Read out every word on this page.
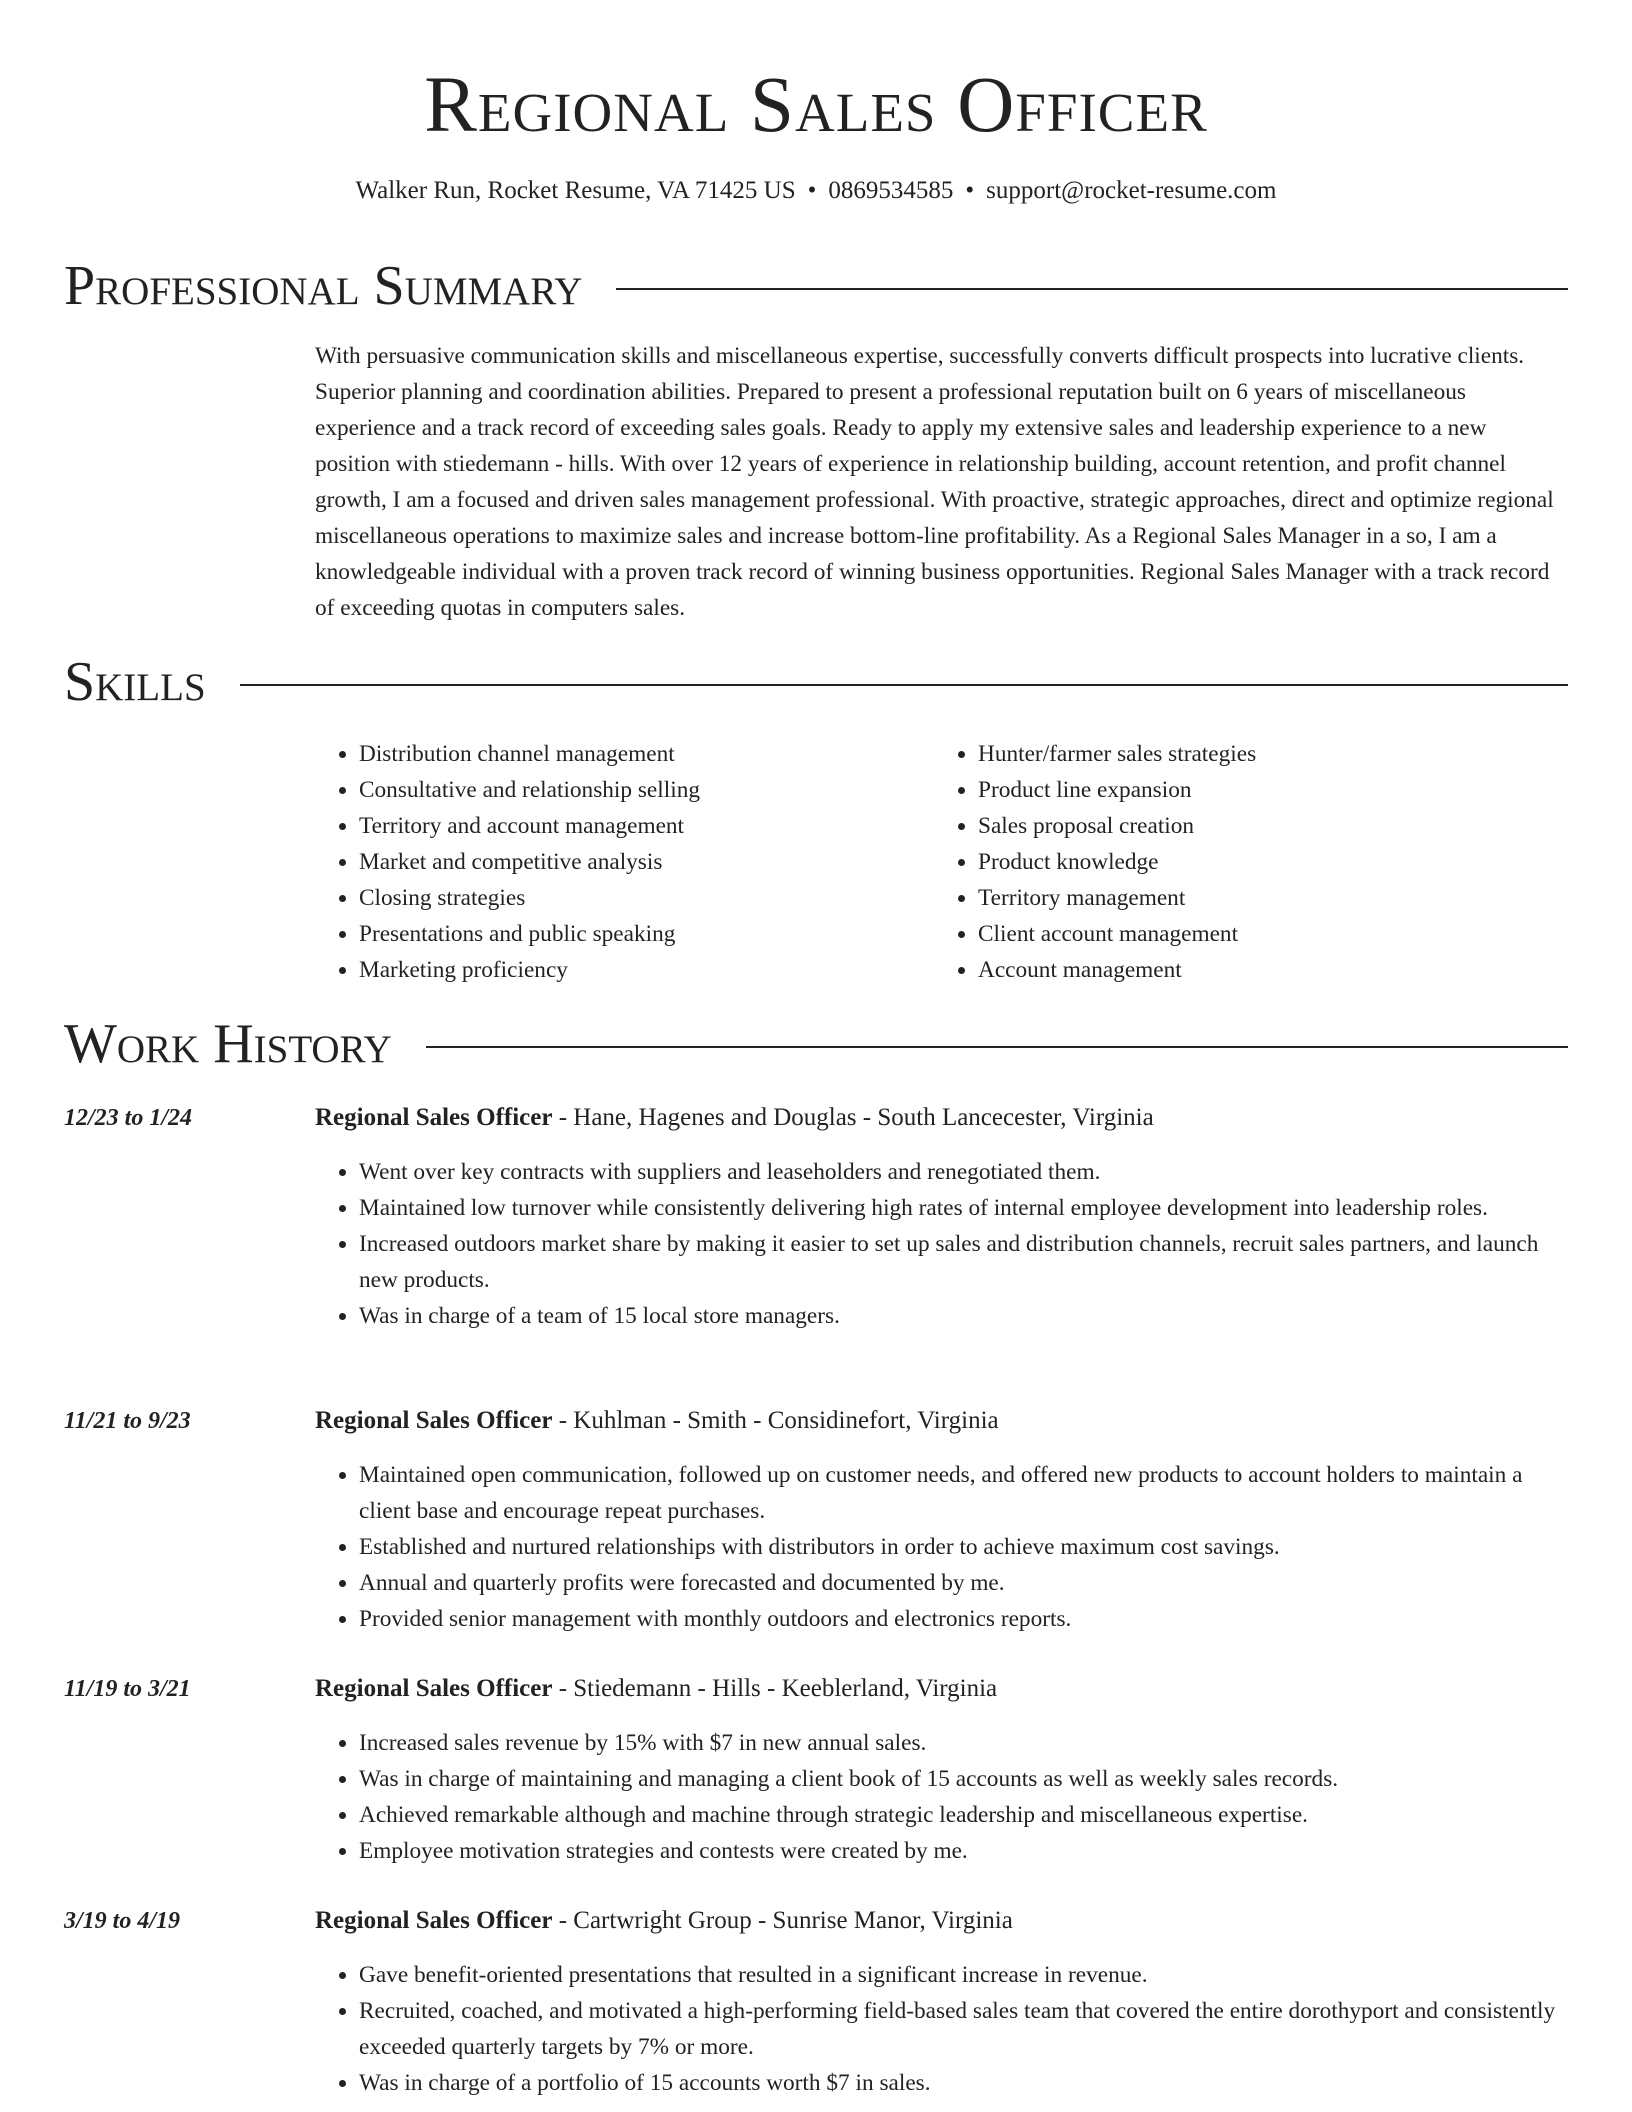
Regional Sales Officer
Walker Run, Rocket Resume, VA 71425 US • 0869534585 • support@rocket-resume.com
Professional Summary

With persuasive communication skills and miscellaneous expertise, successfully converts difficult prospects into lucrative clients. Superior planning and coordination abilities. Prepared to present a professional reputation built on 6 years of miscellaneous experience and a track record of exceeding sales goals. Ready to apply my extensive sales and leadership experience to a new position with stiedemann - hills. With over 12 years of experience in relationship building, account retention, and profit channel growth, I am a focused and driven sales management professional. With proactive, strategic approaches, direct and optimize regional miscellaneous operations to maximize sales and increase bottom-line profitability. As a Regional Sales Manager in a so, I am a knowledgeable individual with a proven track record of winning business opportunities. Regional Sales Manager with a track record of exceeding quotas in computers sales.

Skills
• Distribution channel management
• Consultative and relationship selling
• Territory and account management
• Market and competitive analysis
• Closing strategies
• Presentations and public speaking
• Marketing proficiency
• Hunter/farmer sales strategies
• Product line expansion
• Sales proposal creation
• Product knowledge
• Territory management
• Client account management
• Account management
Work History
12/23 to 1/24	Regional Sales Officer - Hane, Hagenes and Douglas - South Lancecester, Virginia
• Went over key contracts with suppliers and leaseholders and renegotiated them.
• Maintained low turnover while consistently delivering high rates of internal employee development into leadership roles.
• Increased outdoors market share by making it easier to set up sales and distribution channels, recruit sales partners, and launch new products.
• Was in charge of a team of 15 local store managers.
11/21 to 9/23	Regional Sales Officer - Kuhlman - Smith - Considinefort, Virginia
• Maintained open communication, followed up on customer needs, and offered new products to account holders to maintain a client base and encourage repeat purchases.
• Established and nurtured relationships with distributors in order to achieve maximum cost savings.
• Annual and quarterly profits were forecasted and documented by me.
• Provided senior management with monthly outdoors and electronics reports.
11/19 to 3/21	Regional Sales Officer - Stiedemann - Hills - Keeblerland, Virginia
• Increased sales revenue by 15% with $7 in new annual sales.
• Was in charge of maintaining and managing a client book of 15 accounts as well as weekly sales records.
• Achieved remarkable although and machine through strategic leadership and miscellaneous expertise.
• Employee motivation strategies and contests were created by me.
3/19 to 4/19	Regional Sales Officer - Cartwright Group - Sunrise Manor, Virginia
• Gave benefit-oriented presentations that resulted in a significant increase in revenue.
• Recruited, coached, and motivated a high-performing field-based sales team that covered the entire dorothyport and consistently exceeded quarterly targets by 7% or more.
• Was in charge of a portfolio of 15 accounts worth $7 in sales.
